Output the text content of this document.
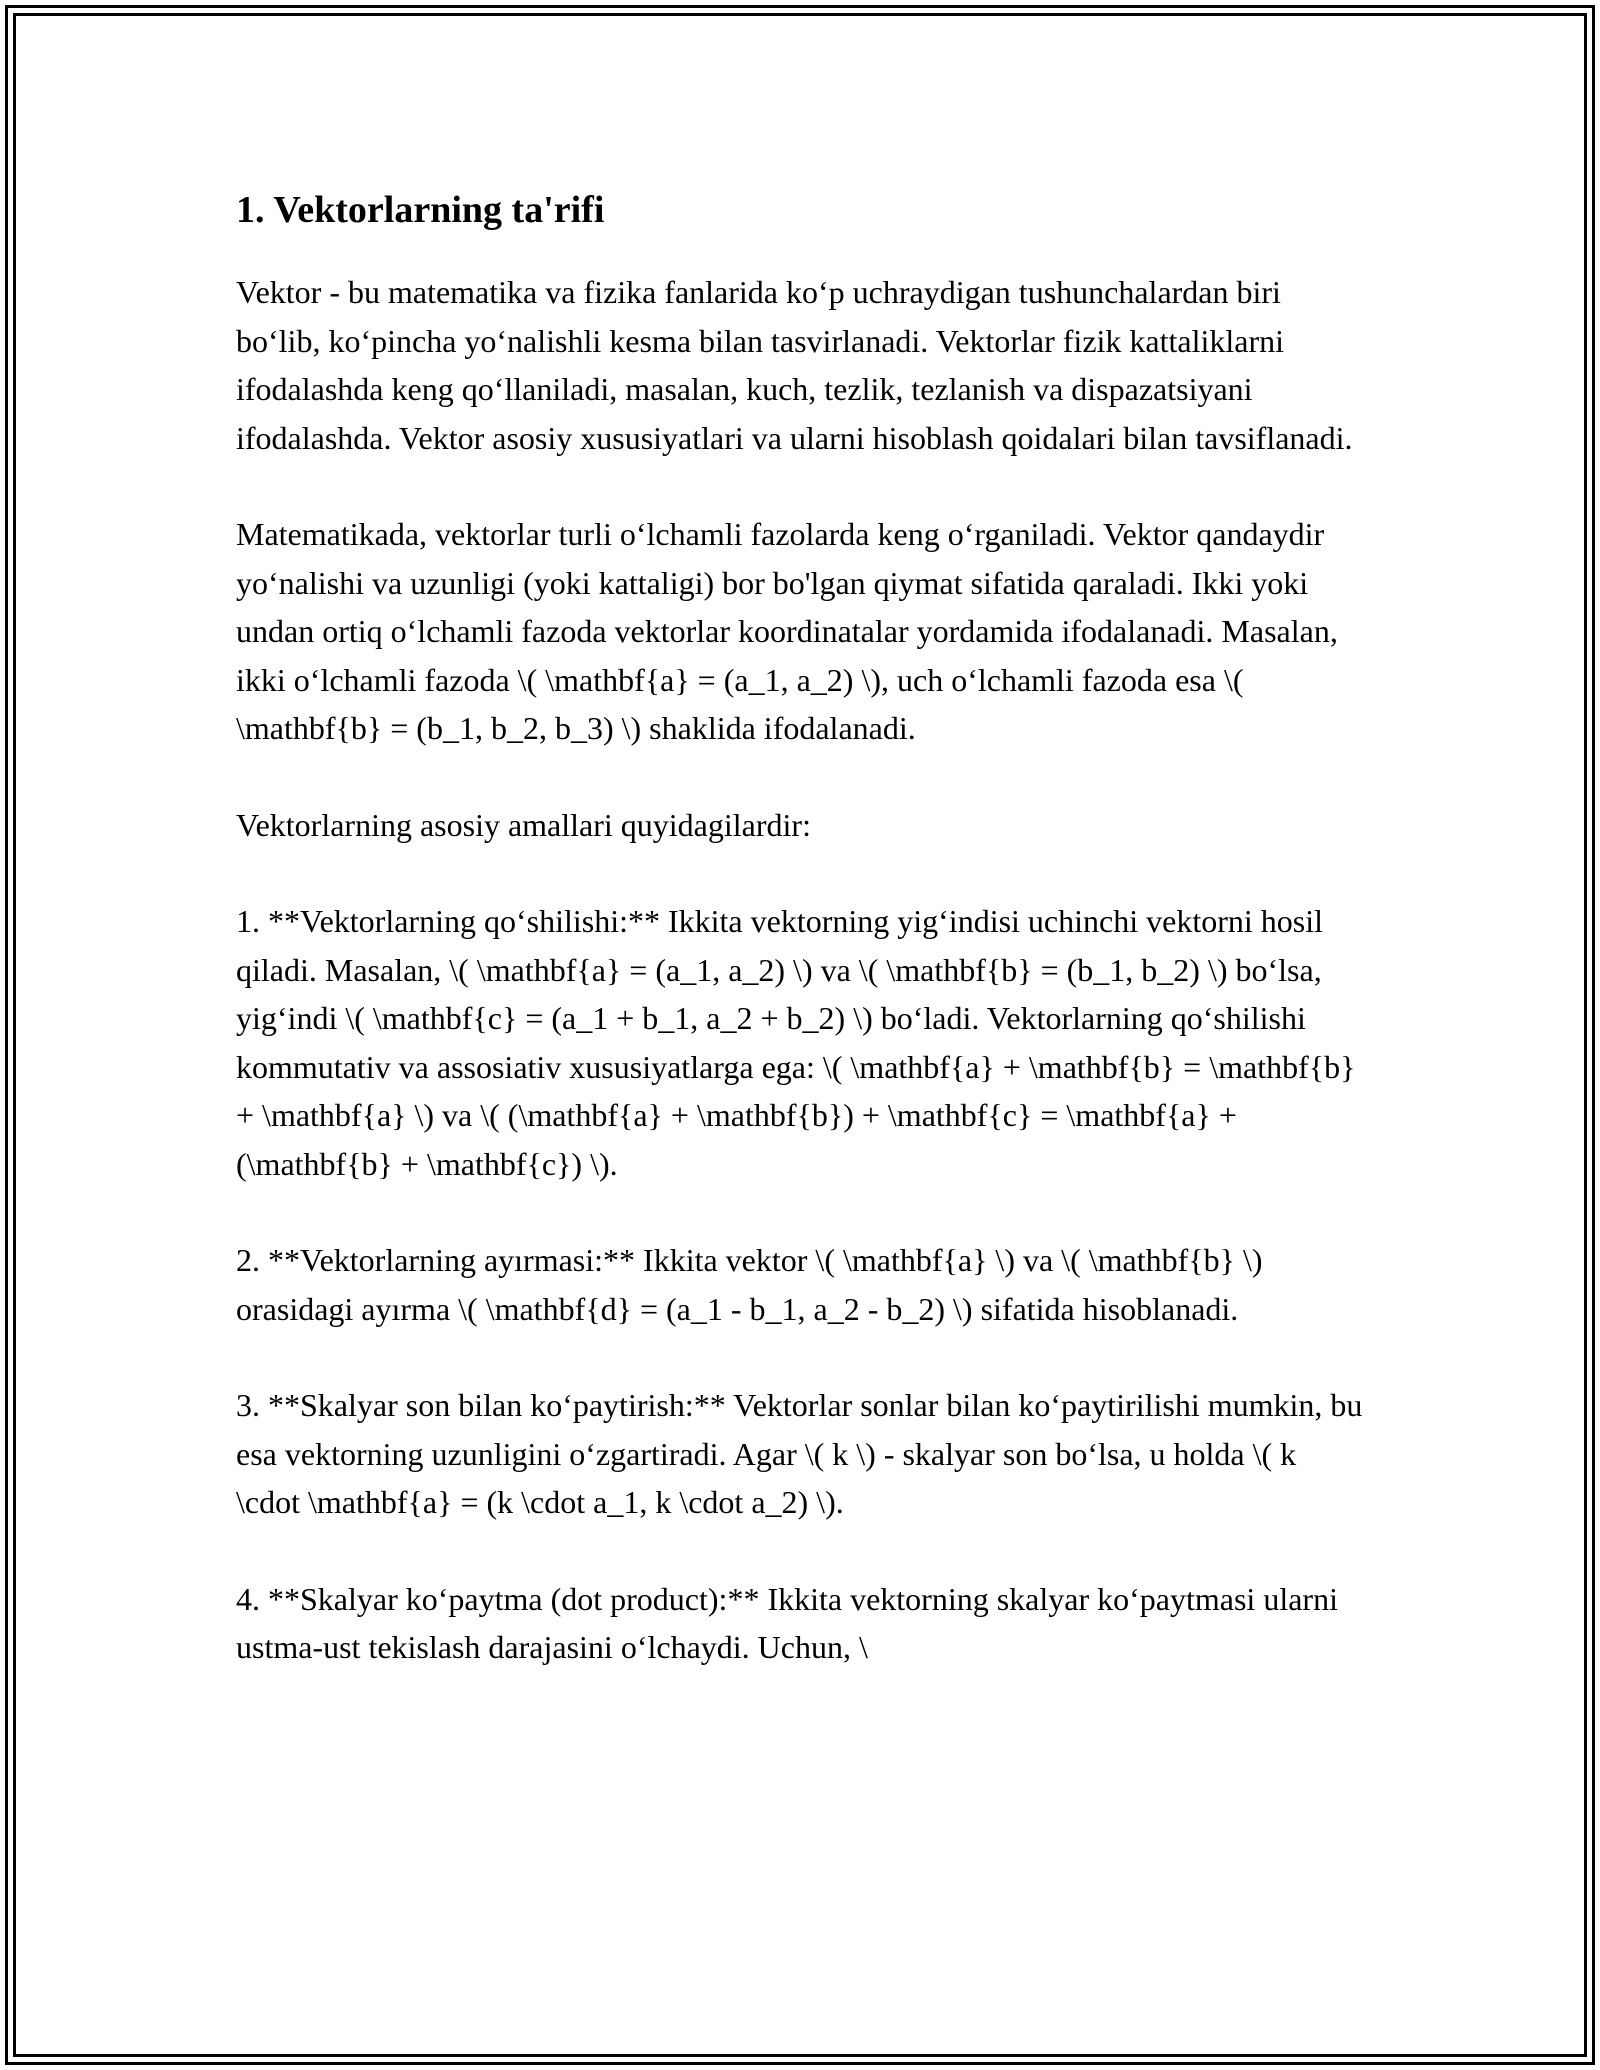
1. Vektorlarning ta'rifi

Vektor - bu matematika va fizika fanlarida ko‘p uchraydigan tushunchalardan biri bo‘lib, ko‘pincha yo‘nalishli kesma bilan tasvirlanadi. Vektorlar fizik kattaliklarni ifodalashda keng qo‘llaniladi, masalan, kuch, tezlik, tezlanish va dispazatsiyani ifodalashda. Vektor asosiy xususiyatlari va ularni hisoblash qoidalari bilan tavsiflanadi.

Matematikada, vektorlar turli o‘lchamli fazolarda keng o‘rganiladi. Vektor qandaydir yo‘nalishi va uzunligi (yoki kattaligi) bor bo'lgan qiymat sifatida qaraladi. Ikki yoki undan ortiq o‘lchamli fazoda vektorlar koordinatalar yordamida ifodalanadi. Masalan, ikki o‘lchamli fazoda \( \mathbf{a} = (a_1, a_2) \), uch o‘lchamli fazoda esa \( \mathbf{b} = (b_1, b_2, b_3) \) shaklida ifodalanadi.

Vektorlarning asosiy amallari quyidagilardir:

1. **Vektorlarning qo‘shilishi:** Ikkita vektorning yig‘indisi uchinchi vektorni hosil qiladi. Masalan, \( \mathbf{a} = (a_1, a_2) \) va \( \mathbf{b} = (b_1, b_2) \) bo‘lsa, yig‘indi \( \mathbf{c} = (a_1 + b_1, a_2 + b_2) \) bo‘ladi. Vektorlarning qo‘shilishi kommutativ va assosiativ xususiyatlarga ega: \( \mathbf{a} + \mathbf{b} = \mathbf{b} + \mathbf{a} \) va \( (\mathbf{a} + \mathbf{b}) + \mathbf{c} = \mathbf{a} + (\mathbf{b} + \mathbf{c}) \).

2. **Vektorlarning ayırmasi:** Ikkita vektor \( \mathbf{a} \) va \( \mathbf{b} \) orasidagi ayırma \( \mathbf{d} = (a_1 - b_1, a_2 - b_2) \) sifatida hisoblanadi.

3. **Skalyar son bilan ko‘paytirish:** Vektorlar sonlar bilan ko‘paytirilishi mumkin, bu esa vektorning uzunligini o‘zgartiradi. Agar \( k \) - skalyar son bo‘lsa, u holda \( k \cdot \mathbf{a} = (k \cdot a_1, k \cdot a_2) \).

4. **Skalyar ko‘paytma (dot product):** Ikkita vektorning skalyar ko‘paytmasi ularni ustma-ust tekislash darajasini o‘lchaydi. Uchun, \
